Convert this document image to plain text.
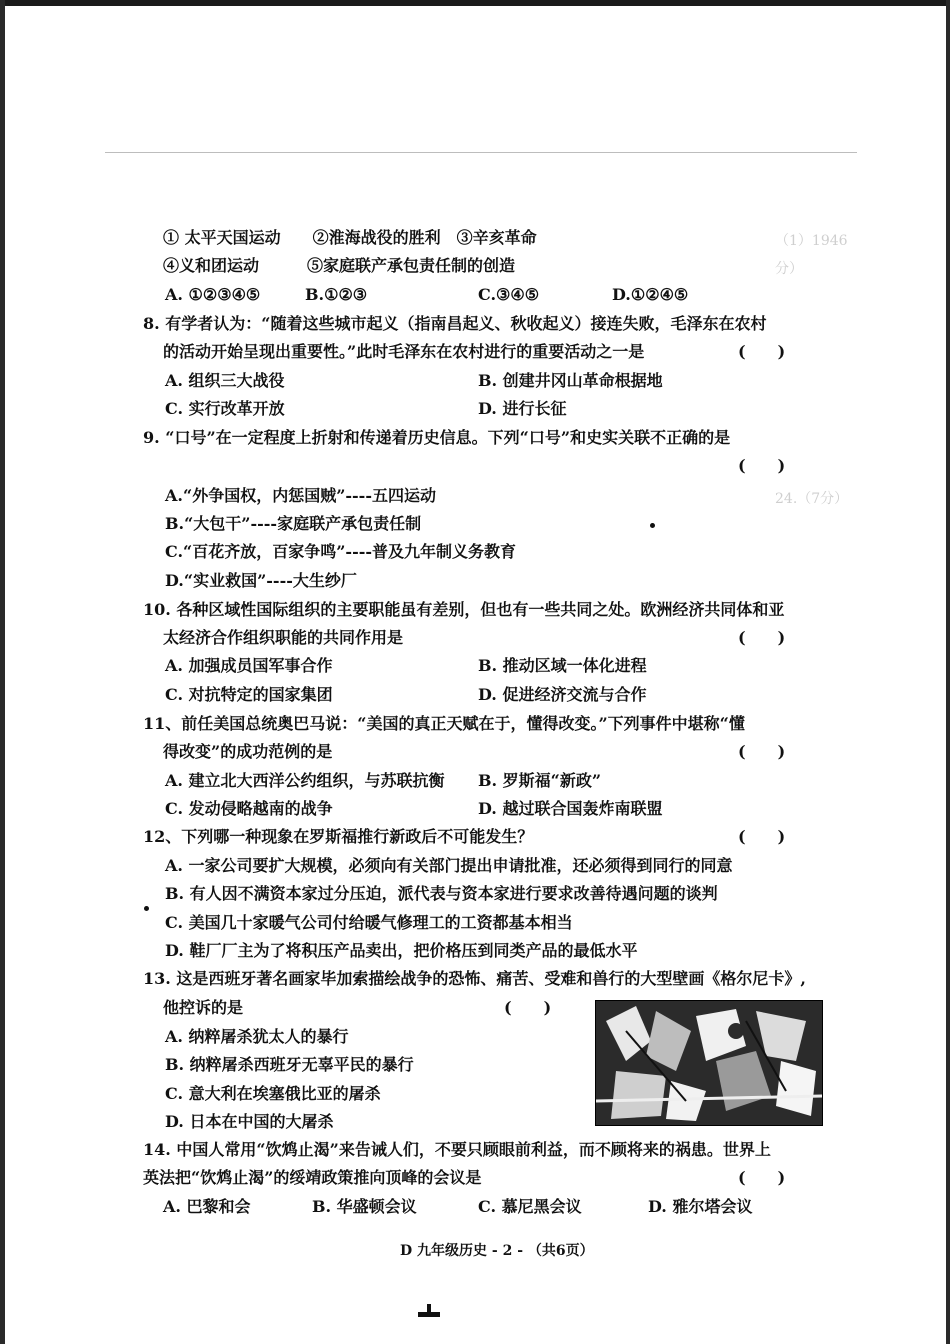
（1）1946
分）
24.（7分）
① 太平天国运动　　②淮海战役的胜利　③辛亥革命
④义和团运动　　　⑤家庭联产承包责任制的创造
A. ①②③④⑤	B.①②③	C.③④⑤	D.①②④⑤
8. 有学者认为：“随着这些城市起义（指南昌起义、秋收起义）接连失败，毛泽东在农村
的活动开始呈现出重要性。”此时毛泽东在农村进行的重要活动之一是
A. 组织三大战役	B. 创建井冈山革命根据地
C. 实行改革开放	D. 进行长征
9. “口号”在一定程度上折射和传递着历史信息。下列“口号”和史实关联不正确的是
A.“外争国权，内惩国贼”----五四运动
B.“大包干”----家庭联产承包责任制
C.“百花齐放，百家争鸣”----普及九年制义务教育
D.“实业救国”----大生纱厂
10. 各种区域性国际组织的主要职能虽有差别，但也有一些共同之处。欧洲经济共同体和亚
太经济合作组织职能的共同作用是
A. 加强成员国军事合作	B. 推动区域一体化进程
C. 对抗特定的国家集团	D. 促进经济交流与合作
11、前任美国总统奥巴马说：“美国的真正天赋在于，懂得改变。”下列事件中堪称“懂
得改变”的成功范例的是
A. 建立北大西洋公约组织，与苏联抗衡 B. 罗斯福“新政”
C. 发动侵略越南的战争	D. 越过联合国轰炸南联盟
12、下列哪一种现象在罗斯福推行新政后不可能发生？
A. 一家公司要扩大规模，必须向有关部门提出申请批准，还必须得到同行的同意
B. 有人因不满资本家过分压迫，派代表与资本家进行要求改善待遇问题的谈判
C. 美国几十家暖气公司付给暖气修理工的工资都基本相当
D. 鞋厂厂主为了将积压产品卖出，把价格压到同类产品的最低水平
13. 这是西班牙著名画家毕加索描绘战争的恐怖、痛苦、受难和兽行的大型壁画《格尔尼卡》,
他控诉的是
A. 纳粹屠杀犹太人的暴行
B. 纳粹屠杀西班牙无辜平民的暴行
C. 意大利在埃塞俄比亚的屠杀
D. 日本在中国的大屠杀
14. 中国人常用“饮鸩止渴”来告诫人们，不要只顾眼前利益，而不顾将来的祸患。世界上
英法把“饮鸩止渴”的绥靖政策推向顶峰的会议是
A. 巴黎和会	B. 华盛顿会议	C. 慕尼黑会议	D. 雅尔塔会议
(　　)
(　　)
(　　)
(　　)
(　　)
(　　)
(　　)
D 九年级历史 - 2 - （共6页）
